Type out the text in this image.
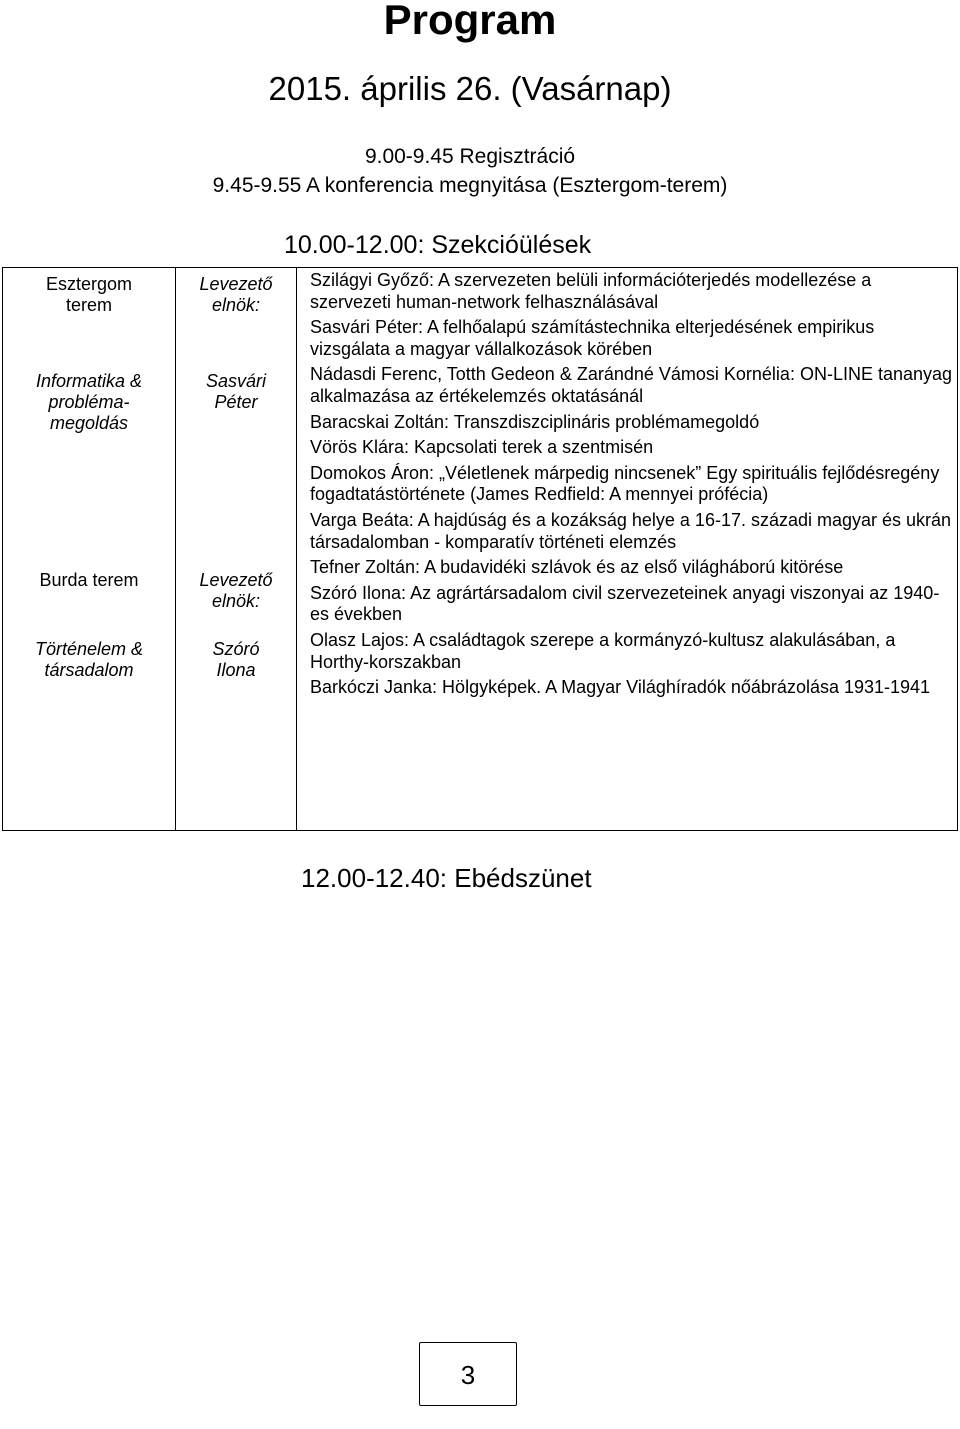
Program
2015. április 26. (Vasárnap)
9.00-9.45 Regisztráció
9.45-9.55 A konferencia megnyitása (Esztergom-terem)
10.00-12.00: Szekcióülések
Esztergom
terem
Informatika &
probléma-
megoldás
Levezető
elnök:
Sasvári
Péter
Burda terem
Történelem &
társadalom
Levezető
elnök:
Szóró
Ilona

Szilágyi Győző: A szervezeten belüli információterjedés modellezése a szervezeti human-network felhasználásával

Sasvári Péter: A felhőalapú számítástechnika elterjedésének empirikus vizsgálata a magyar vállalkozások körében

Nádasdi Ferenc, Totth Gedeon & Zarándné Vámosi Kornélia: ON-LINE tananyag alkalmazása az értékelemzés oktatásánál

Baracskai Zoltán: Transzdiszciplináris problémamegoldó

Vörös Klára: Kapcsolati terek a szentmisén

Domokos Áron: „Véletlenek márpedig nincsenek” Egy spirituális fejlődésregény fogadtatástörténete (James Redfield: A mennyei prófécia)

Varga Beáta: A hajdúság és a kozákság helye a 16-17. századi magyar és ukrán társadalomban - komparatív történeti elemzés

Tefner Zoltán: A budavidéki szlávok és az első világháború kitörése

Szóró Ilona: Az agrártársadalom civil szervezeteinek anyagi viszonyai az 1940-es években

Olasz Lajos: A családtagok szerepe a kormányzó-kultusz alakulásában, a Horthy-korszakban

Barkóczi Janka: Hölgyképek. A Magyar Világhíradók nőábrázolása 1931-1941

12.00-12.40: Ebédszünet
3
